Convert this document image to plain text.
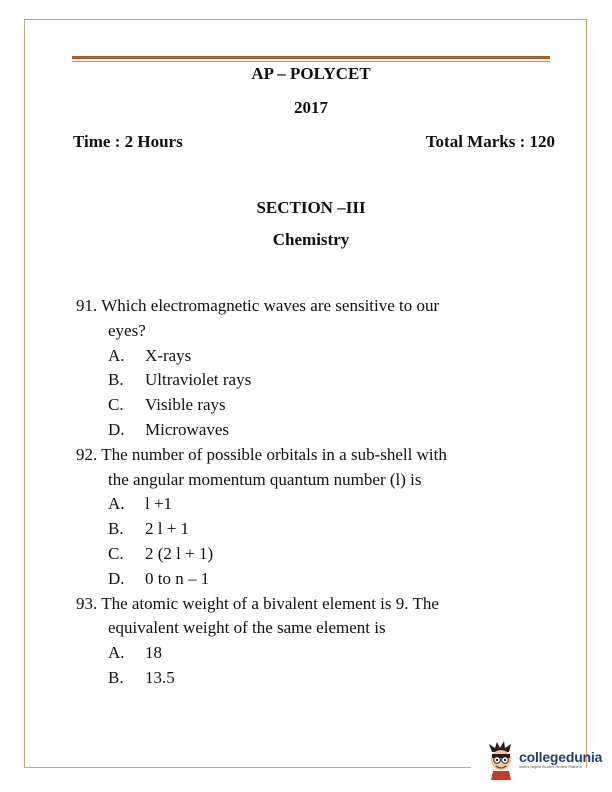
AP – POLYCET
2017
Time : 2 Hours	Total Marks : 120
SECTION –III
Chemistry
91. Which electromagnetic waves are sensitive to our
eyes?
A.	X-rays
B.	Ultraviolet rays
C.	Visible rays
D.	Microwaves
92. The number of possible orbitals in a sub-shell with
the angular momentum quantum number (l) is
A.	l +1
B.	2 l + 1
C.	2 (2 l + 1)
D.	0 to n – 1
93. The atomic weight of a bivalent element is 9. The
equivalent weight of the same element is
A.	18
B.	13.5
collegedunia
India's largest Student Review Platform
